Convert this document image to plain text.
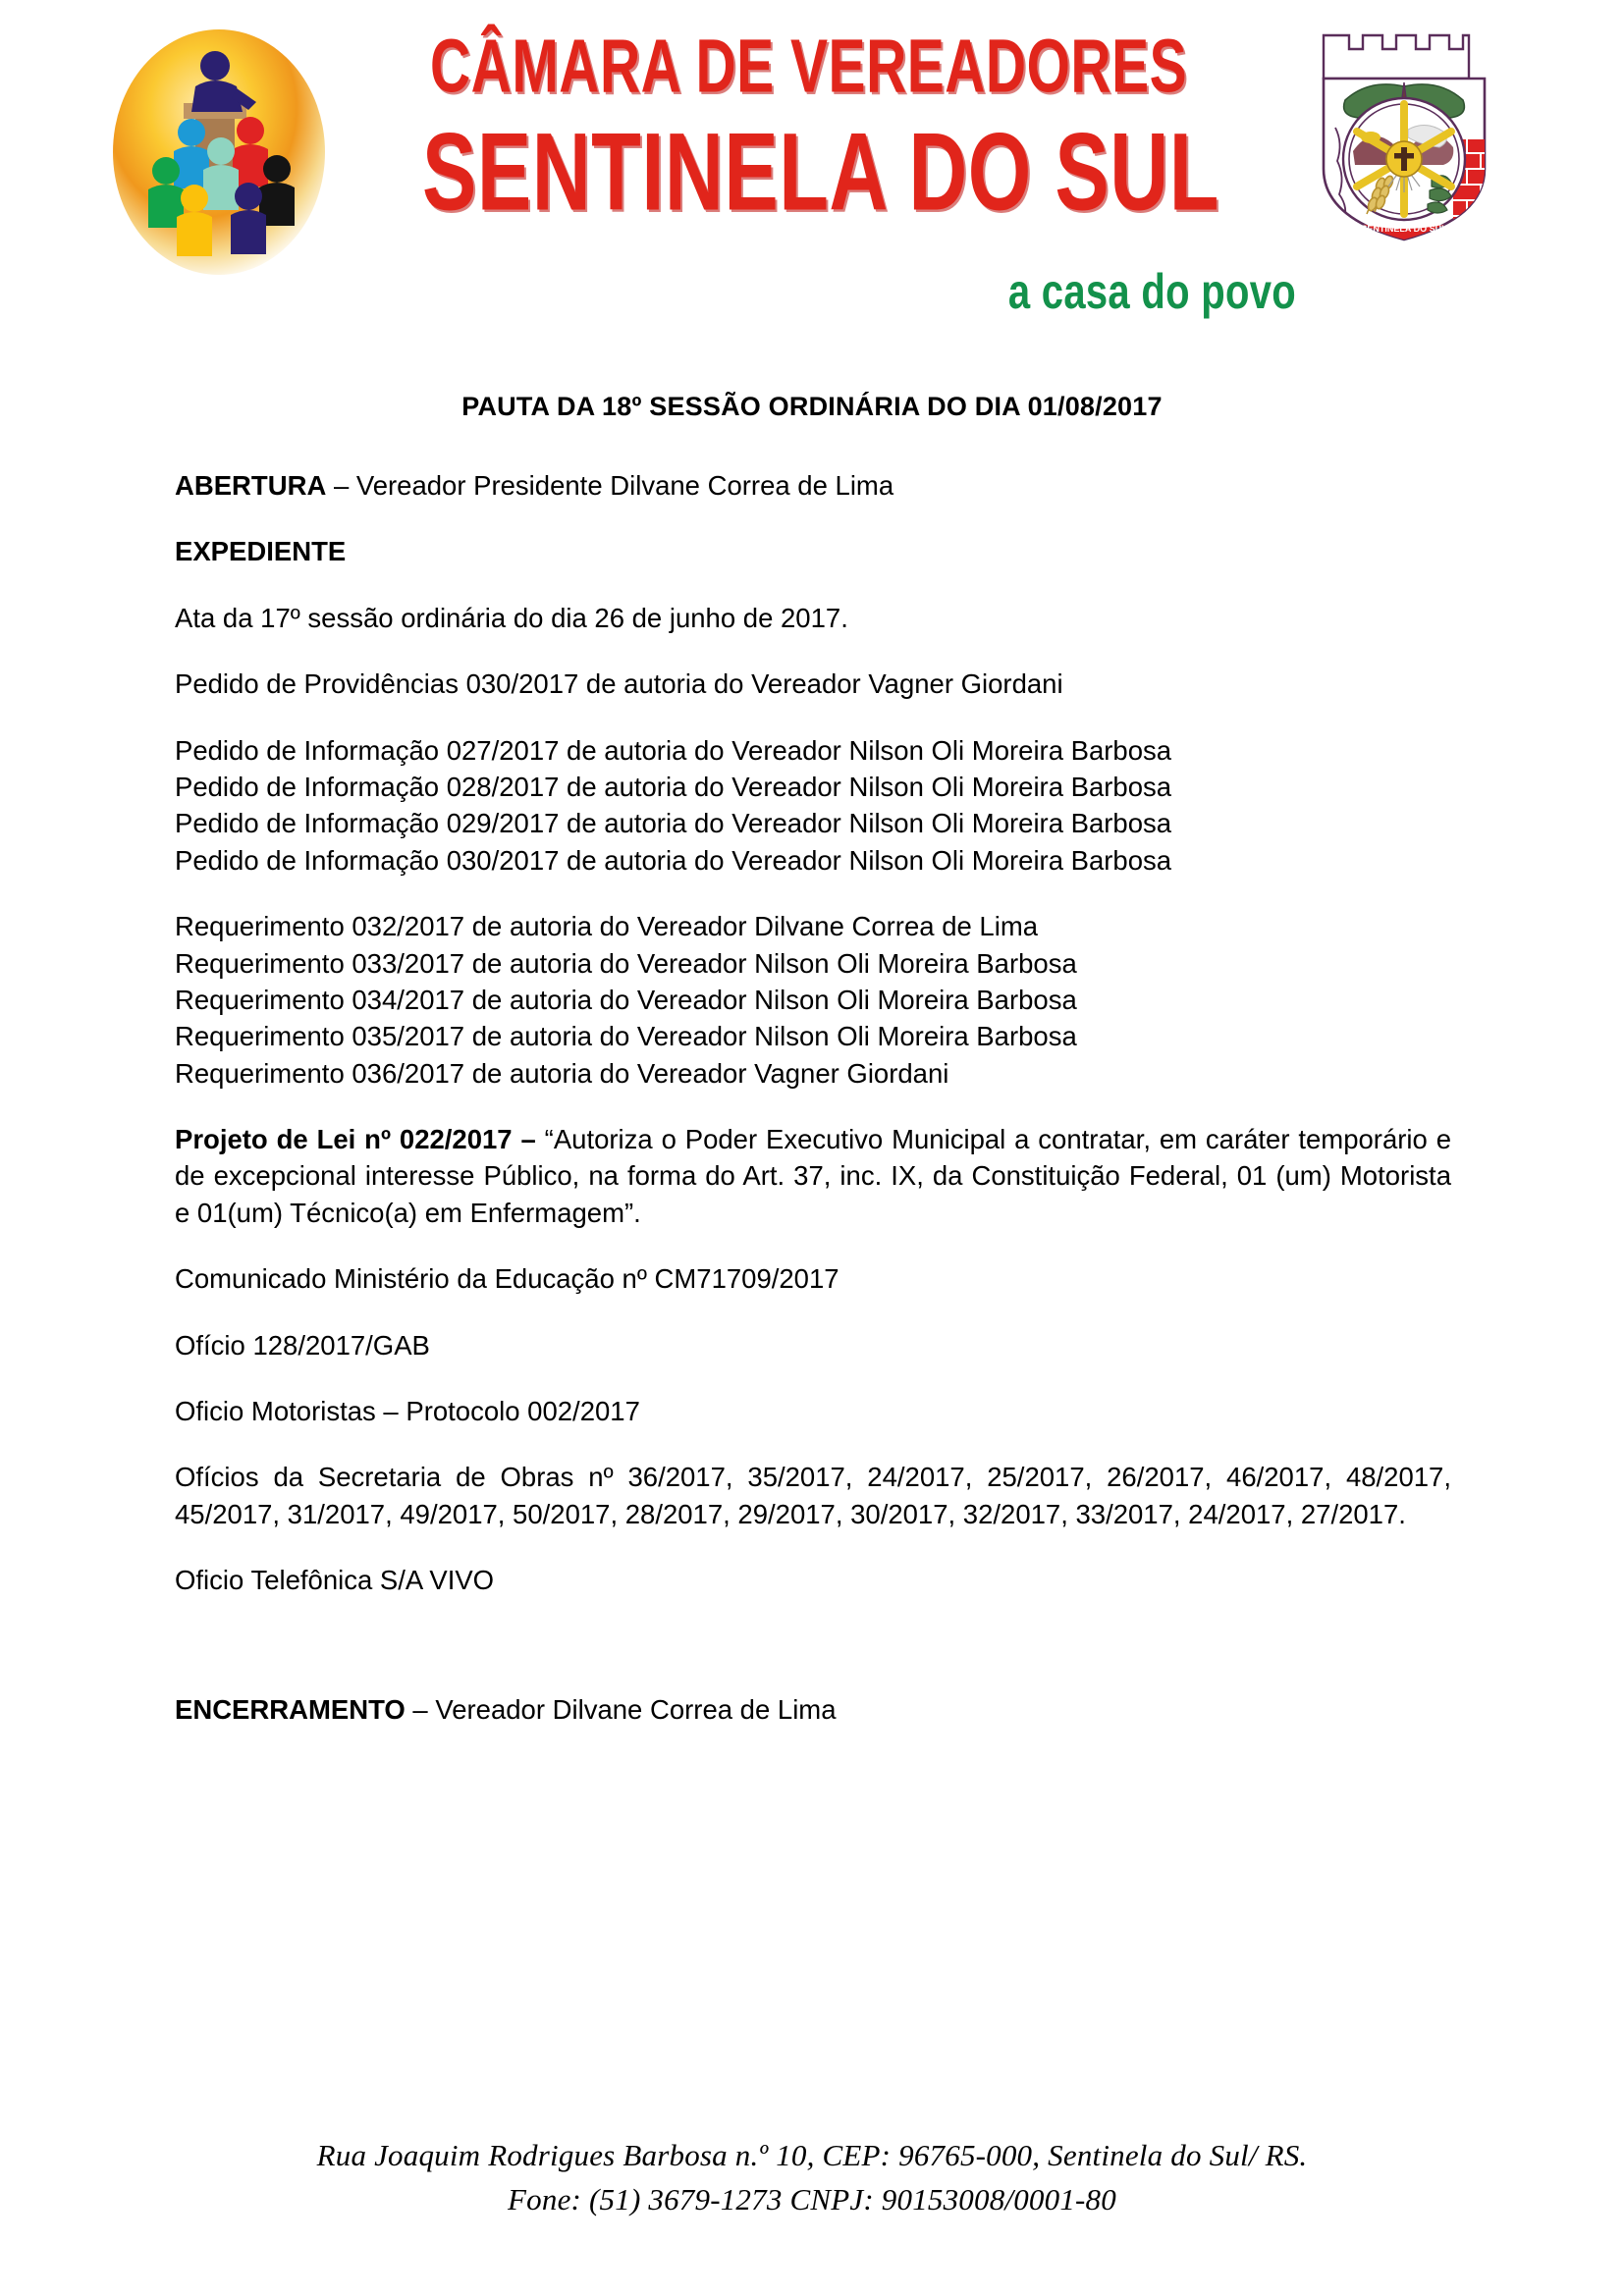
CÂMARA DE VEREADORES
SENTINELA DO SUL
a casa do povo
SENTINELA DO SUL
PAUTA DA 18º SESSÃO ORDINÁRIA DO DIA 01/08/2017

ABERTURA – Vereador Presidente Dilvane Correa de Lima

EXPEDIENTE

Ata da 17º sessão ordinária do dia 26 de junho de 2017.

Pedido de Providências 030/2017 de autoria do Vereador Vagner Giordani

Pedido de Informação 027/2017 de autoria do Vereador Nilson Oli Moreira Barbosa
Pedido de Informação 028/2017 de autoria do Vereador Nilson Oli Moreira Barbosa
Pedido de Informação 029/2017 de autoria do Vereador Nilson Oli Moreira Barbosa
Pedido de Informação 030/2017 de autoria do Vereador Nilson Oli Moreira Barbosa
Requerimento 032/2017 de autoria do Vereador Dilvane Correa de Lima
Requerimento 033/2017 de autoria do Vereador Nilson Oli Moreira Barbosa
Requerimento 034/2017 de autoria do Vereador Nilson Oli Moreira Barbosa
Requerimento 035/2017 de autoria do Vereador Nilson Oli Moreira Barbosa
Requerimento 036/2017 de autoria do Vereador Vagner Giordani

Projeto de Lei nº 022/2017 – “Autoriza o Poder Executivo Municipal a contratar, em caráter temporário e de excepcional interesse Público, na forma do Art. 37, inc. IX, da Constituição Federal, 01 (um) Motorista e 01(um) Técnico(a) em Enfermagem”.

Comunicado Ministério da Educação nº CM71709/2017

Ofício 128/2017/GAB

Oficio Motoristas – Protocolo 002/2017

Ofícios da Secretaria de Obras nº 36/2017, 35/2017, 24/2017, 25/2017, 26/2017, 46/2017, 48/2017, 45/2017, 31/2017, 49/2017, 50/2017, 28/2017, 29/2017, 30/2017, 32/2017, 33/2017, 24/2017, 27/2017.

Oficio Telefônica S/A VIVO

ENCERRAMENTO – Vereador Dilvane Correa de Lima

Rua Joaquim Rodrigues Barbosa n.º 10, CEP: 96765-000, Sentinela do Sul/ RS.
Fone: (51) 3679-1273 CNPJ: 90153008/0001-80
